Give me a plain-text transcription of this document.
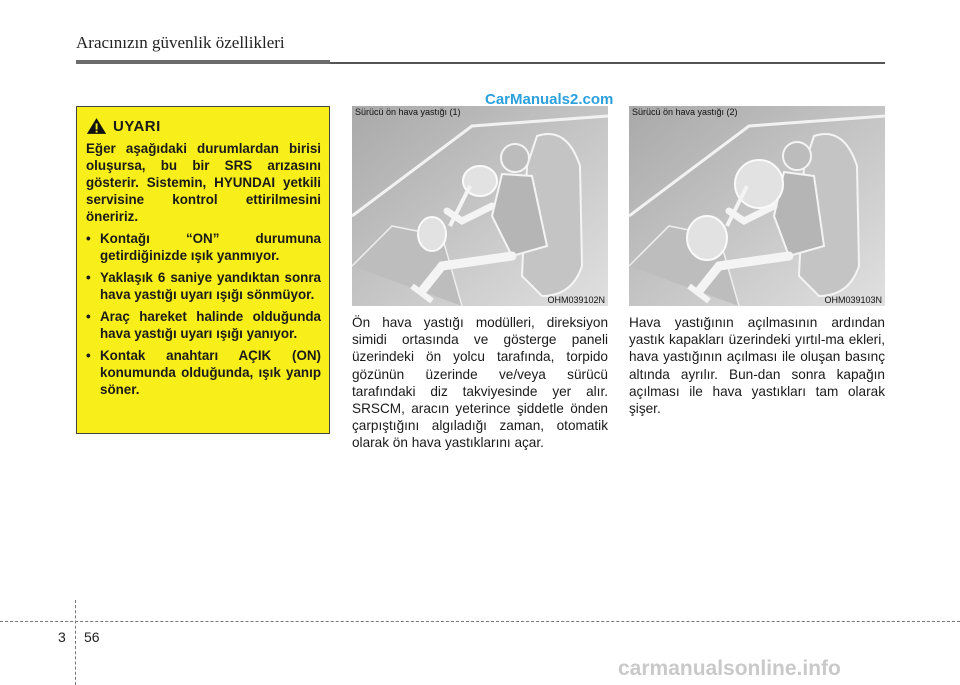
Aracınızın güvenlik özellikleri
UYARI

Eğer aşağıdaki durumlardan birisi oluşursa, bu bir SRS arızasını gösterir. Sistemin, HYUNDAI yetkili servisine kontrol ettirilmesini öneririz.

• Kontağı “ON” durumuna getirdiğinizde ışık yanmıyor.
• Yaklaşık 6 saniye yandıktan sonra hava yastığı uyarı ışığı sönmüyor.
• Araç hareket halinde olduğunda hava yastığı uyarı ışığı yanıyor.
• Kontak anahtarı AÇIK (ON) konumunda olduğunda, ışık yanıp söner.
Sürücü ön hava yastığı (1)
OHM039102N
Sürücü ön hava yastığı (2)
OHM039103N
CarManuals2.com
Ön hava yastığı modülleri, direksiyon simidi ortasında ve gösterge paneli üzerindeki ön yolcu tarafında, torpido gözünün üzerinde ve/veya sürücü tarafındaki diz takviyesinde yer alır. SRSCM, aracın yeterince şiddetle önden çarpıştığını algıladığı zaman, otomatik olarak ön hava yastıklarını açar.
Hava yastığının açılmasının ardından yastık kapakları üzerindeki yırtıl-ma ekleri, hava yastığının açılması ile oluşan basınç altında ayrılır. Bun-dan sonra kapağın açılması ile hava yastıkları tam olarak şişer.
3 56
carmanualsonline.info
